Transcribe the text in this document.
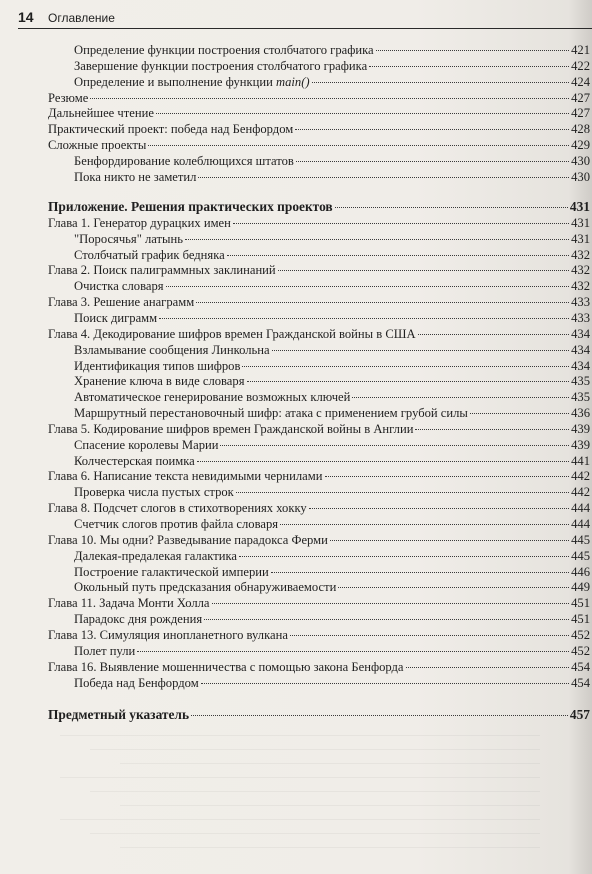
14 Оглавление
Определение функции построения столбчатого графика	421
Завершение функции построения столбчатого графика	422
Определение и выполнение функции main()	424
Резюме	427
Дальнейшее чтение	427
Практический проект: победа над Бенфордом	428
Сложные проекты	429
Бенфордирование колеблющихся штатов	430
Пока никто не заметил	430
Приложение. Решения практических проектов	431
Глава 1. Генератор дурацких имен	431
"Поросячья" латынь	431
Столбчатый график бедняка	432
Глава 2. Поиск палиграммных заклинаний	432
Очистка словаря	432
Глава 3. Решение анаграмм	433
Поиск диграмм	433
Глава 4. Декодирование шифров времен Гражданской войны в США	434
Взламывание сообщения Линкольна	434
Идентификация типов шифров	434
Хранение ключа в виде словаря	435
Автоматическое генерирование возможных ключей	435
Маршрутный перестановочный шифр: атака с применением грубой силы	436
Глава 5. Кодирование шифров времен Гражданской войны в Англии	439
Спасение королевы Марии	439
Колчестерская поимка	441
Глава 6. Написание текста невидимыми чернилами	442
Проверка числа пустых строк	442
Глава 8. Подсчет слогов в стихотворениях хокку	444
Счетчик слогов против файла словаря	444
Глава 10. Мы одни? Разведывание парадокса Ферми	445
Далекая-предалекая галактика	445
Построение галактической империи	446
Окольный путь предсказания обнаруживаемости	449
Глава 11. Задача Монти Холла	451
Парадокс дня рождения	451
Глава 13. Симуляция инопланетного вулкана	452
Полет пули	452
Глава 16. Выявление мошенничества с помощью закона Бенфорда	454
Победа над Бенфордом	454
Предметный указатель	457
